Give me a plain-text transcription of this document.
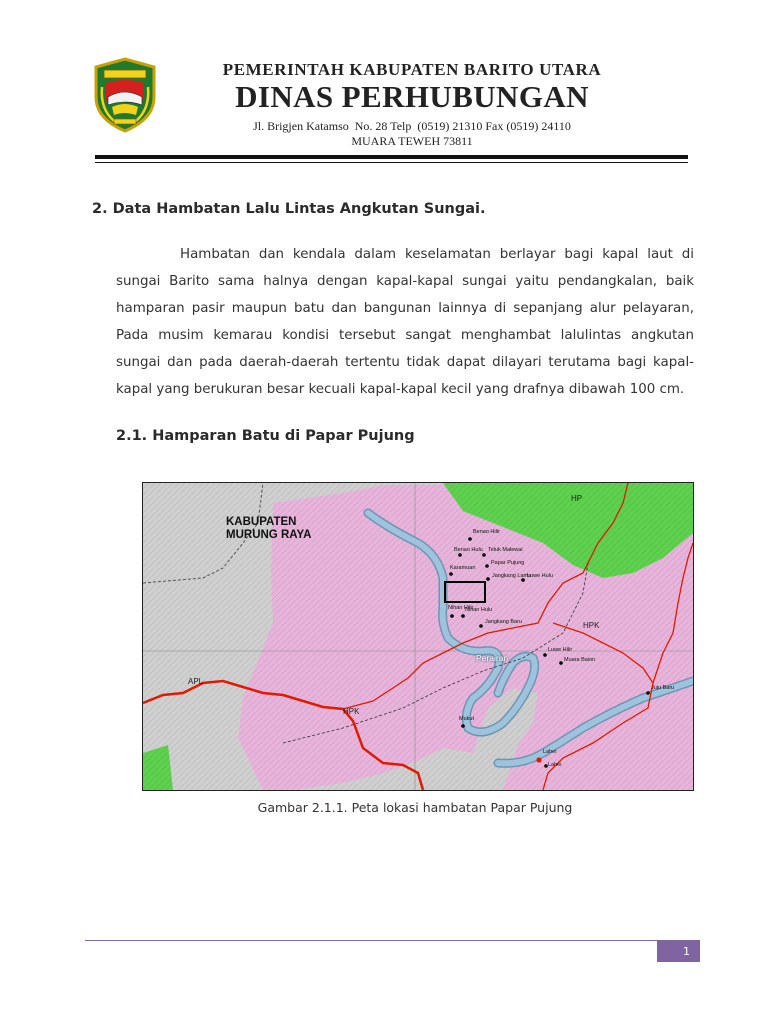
PEMERINTAH KABUPATEN BARITO UTARA
DINAS PERHUBUNGAN
Jl. Brigjen Katamso  No. 28 Telp  (0519) 21310 Fax (0519) 24110
MUARA TEWEH 73811
2. Data Hambatan Lalu Lintas Angkutan Sungai.

Hambatan dan kendala dalam keselamatan berlayar bagi kapal laut di sungai Barito sama halnya dengan kapal-kapal sungai yaitu pendangkalan, baik hamparan pasir maupun batu dan bangunan lainnya di sepanjang alur pelayaran, Pada musim kemarau kondisi tersebut sangat menghambat lalulintas angkutan sungai dan pada daerah-daerah tertentu tidak dapat dilayari terutama bagi kapal-kapal yang berukuran besar kecuali kapal-kapal kecil yang drafnya dibawah 100 cm.

2.1. Hamparan Batu di Papar Pujung
KABUPATEN
MURUNG RAYA
HP
HPK
HPK
APL
Perairan
Benao Hilir
Benao Hulu Teluk Malewai
Papar Pujung
Karamuan
Jangkang Lama
Luwe Hulu
Nihan Hilir
Nihan Hulu
Jangkang Baru
Luwe Hilir
Muara Baion
Juju Baru
Mukut
Lahei
Lahei
Gambar 2.1.1. Peta lokasi hambatan Papar Pujung
1
